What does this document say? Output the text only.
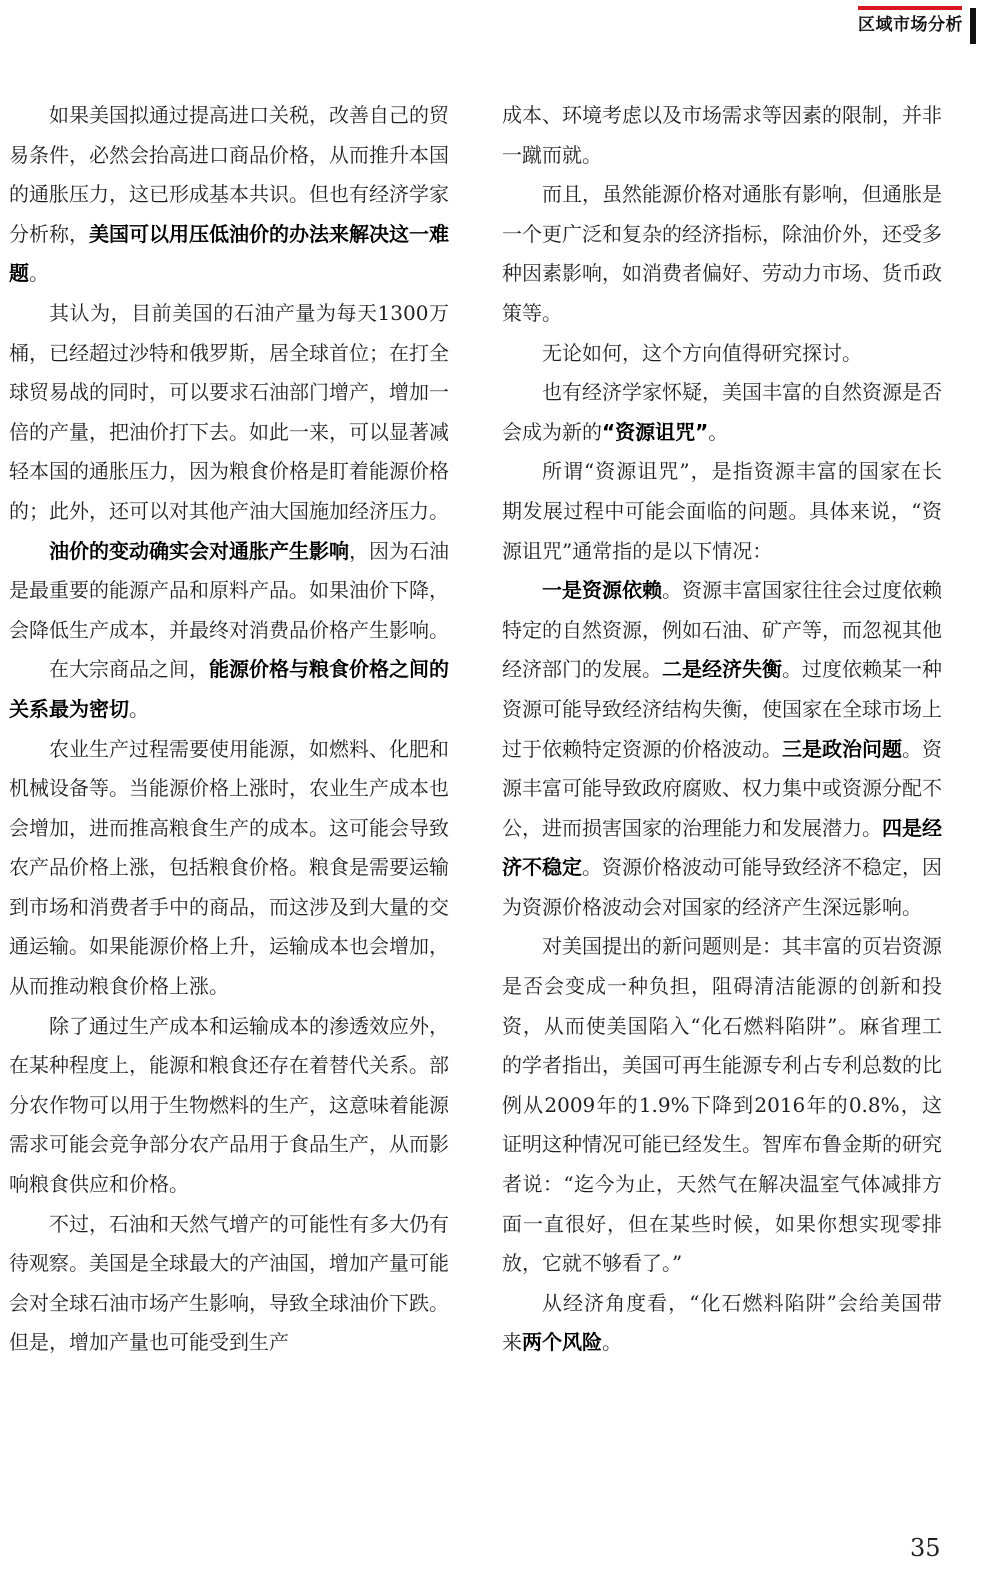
区域市场分析

如果美国拟通过提高进口关税，改善自己的贸易条件，必然会抬高进口商品价格，从而推升本国的通胀压力，这已形成基本共识。但也有经济学家分析称，美国可以用压低油价的办法来解决这一难题。

其认为，目前美国的石油产量为每天1300万桶，已经超过沙特和俄罗斯，居全球首位；在打全球贸易战的同时，可以要求石油部门增产，增加一倍的产量，把油价打下去。如此一来，可以显著减轻本国的通胀压力，因为粮食价格是盯着能源价格的；此外，还可以对其他产油大国施加经济压力。

油价的变动确实会对通胀产生影响，因为石油是最重要的能源产品和原料产品。如果油价下降，会降低生产成本，并最终对消费品价格产生影响。

在大宗商品之间，能源价格与粮食价格之间的关系最为密切。

农业生产过程需要使用能源，如燃料、化肥和机械设备等。当能源价格上涨时，农业生产成本也会增加，进而推高粮食生产的成本。这可能会导致农产品价格上涨，包括粮食价格。粮食是需要运输到市场和消费者手中的商品，而这涉及到大量的交通运输。如果能源价格上升，运输成本也会增加，从而推动粮食价格上涨。

除了通过生产成本和运输成本的渗透效应外，在某种程度上，能源和粮食还存在着替代关系。部分农作物可以用于生物燃料的生产，这意味着能源需求可能会竞争部分农产品用于食品生产，从而影响粮食供应和价格。

不过，石油和天然气增产的可能性有多大仍有待观察。美国是全球最大的产油国，增加产量可能会对全球石油市场产生影响，导致全球油价下跌。但是，增加产量也可能受到生产

成本、环境考虑以及市场需求等因素的限制，并非一蹴而就。

而且，虽然能源价格对通胀有影响，但通胀是一个更广泛和复杂的经济指标，除油价外，还受多种因素影响，如消费者偏好、劳动力市场、货币政策等。

无论如何，这个方向值得研究探讨。

也有经济学家怀疑，美国丰富的自然资源是否会成为新的“资源诅咒”。

所谓“资源诅咒”，是指资源丰富的国家在长期发展过程中可能会面临的问题。具体来说，“资源诅咒”通常指的是以下情况：

一是资源依赖。资源丰富国家往往会过度依赖特定的自然资源，例如石油、矿产等，而忽视其他经济部门的发展。二是经济失衡。过度依赖某一种资源可能导致经济结构失衡，使国家在全球市场上过于依赖特定资源的价格波动。三是政治问题。资源丰富可能导致政府腐败、权力集中或资源分配不公，进而损害国家的治理能力和发展潜力。四是经济不稳定。资源价格波动可能导致经济不稳定，因为资源价格波动会对国家的经济产生深远影响。

对美国提出的新问题则是：其丰富的页岩资源是否会变成一种负担，阻碍清洁能源的创新和投资，从而使美国陷入“化石燃料陷阱”。麻省理工的学者指出，美国可再生能源专利占专利总数的比例从2009年的1.9%下降到2016年的0.8%，这证明这种情况可能已经发生。智库布鲁金斯的研究者说：“迄今为止，天然气在解决温室气体减排方面一直很好，但在某些时候，如果你想实现零排放，它就不够看了。”

从经济角度看，“化石燃料陷阱”会给美国带来两个风险。

35
